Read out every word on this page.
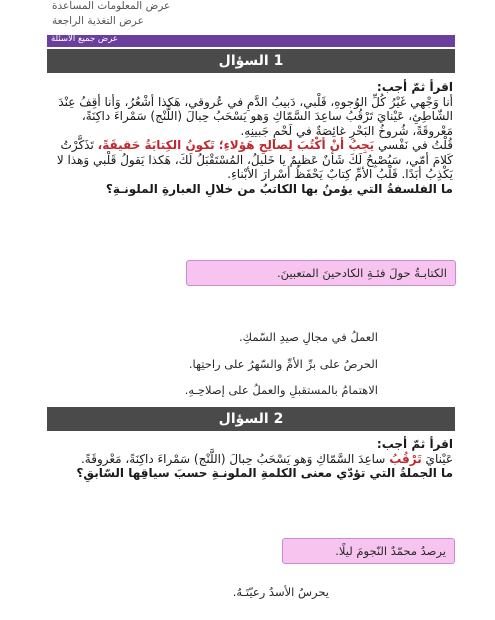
عرض المعلومات المساعدة
عرض التغذية الراجعة
عرض جميع الأسئلة
1 السؤال

اقرأ ثمّ أجب:

أنا وَجْهي غَيْرُ كُلِّ الوُجوهِ، قَلْبي، دَبيبُ الدَّمِ في عُروقي، هَكذا أشْعُرُ، وَأنا أقِفُ عِنْدَ الشّاطِئِ، عَيْنايَ تَرْقُبُ ساعِدَ السَّمّاكِ وَهو يَسْحَبُ حِبالَ (اللَّنْج) سَمْراءَ داكِنَةً، مَعْروقَةً، شُروخُ البَحْرِ غائِصَةٌ في لَحْمِ جَبينِهِ.

قُلْتُ في نَفْسي يَجِبُ أنْ أكْتُبَ لِصالِحِ هَؤلاءِ؛ تَكونُ الكِتابَةُ حَقيقَةً، تَذَكَّرْتُ كَلامَ أمّي، سَيُصْبِحُ لَكَ شَأنٌ عَظيمٌ يا خَليلُ، المُسْتَقْبَلُ لَكَ، هَكذا يَقولُ قَلْبي وَهذا لا يَكْذِبُ أبَدًا. قَلْبُ الأمِّ كِتابٌ يَحْفَظُ أسْرارَ الأبْناءِ.

ما الفلسفةُ التي يؤمنُ بها الكاتبُ من خلالِ العبارةِ الملونـةِ؟

الكتابـةُ حولَ فئـةِ الكادحينَ المتعبينَ.
العملُ في مجالِ صيدِ السّمكِ.
الحرصُ على برِّ الأمِّ والسّهرُ على راحتِها.
الاهتمامُ بالمستقبلِ والعملُ على إصلاحِـهِ.
2 السؤال

اقرأ ثمّ أجب:

عَيْنايَ تَرْقُبُ ساعِدَ السَّمّاكِ وَهو يَسْحَبُ حِبالَ (اللَّنْج) سَمْراءَ داكِنَةً، مَعْروقَةً.

ما الجملةُ التي تؤدّي معنى الكلمةِ الملونـةِ حسبَ سياقِها السّابقِ؟

يرصدُ محمّدٌ النّجومَ ليلًا.
يحرسُ الأسدُ رعيّتَـهُ.
